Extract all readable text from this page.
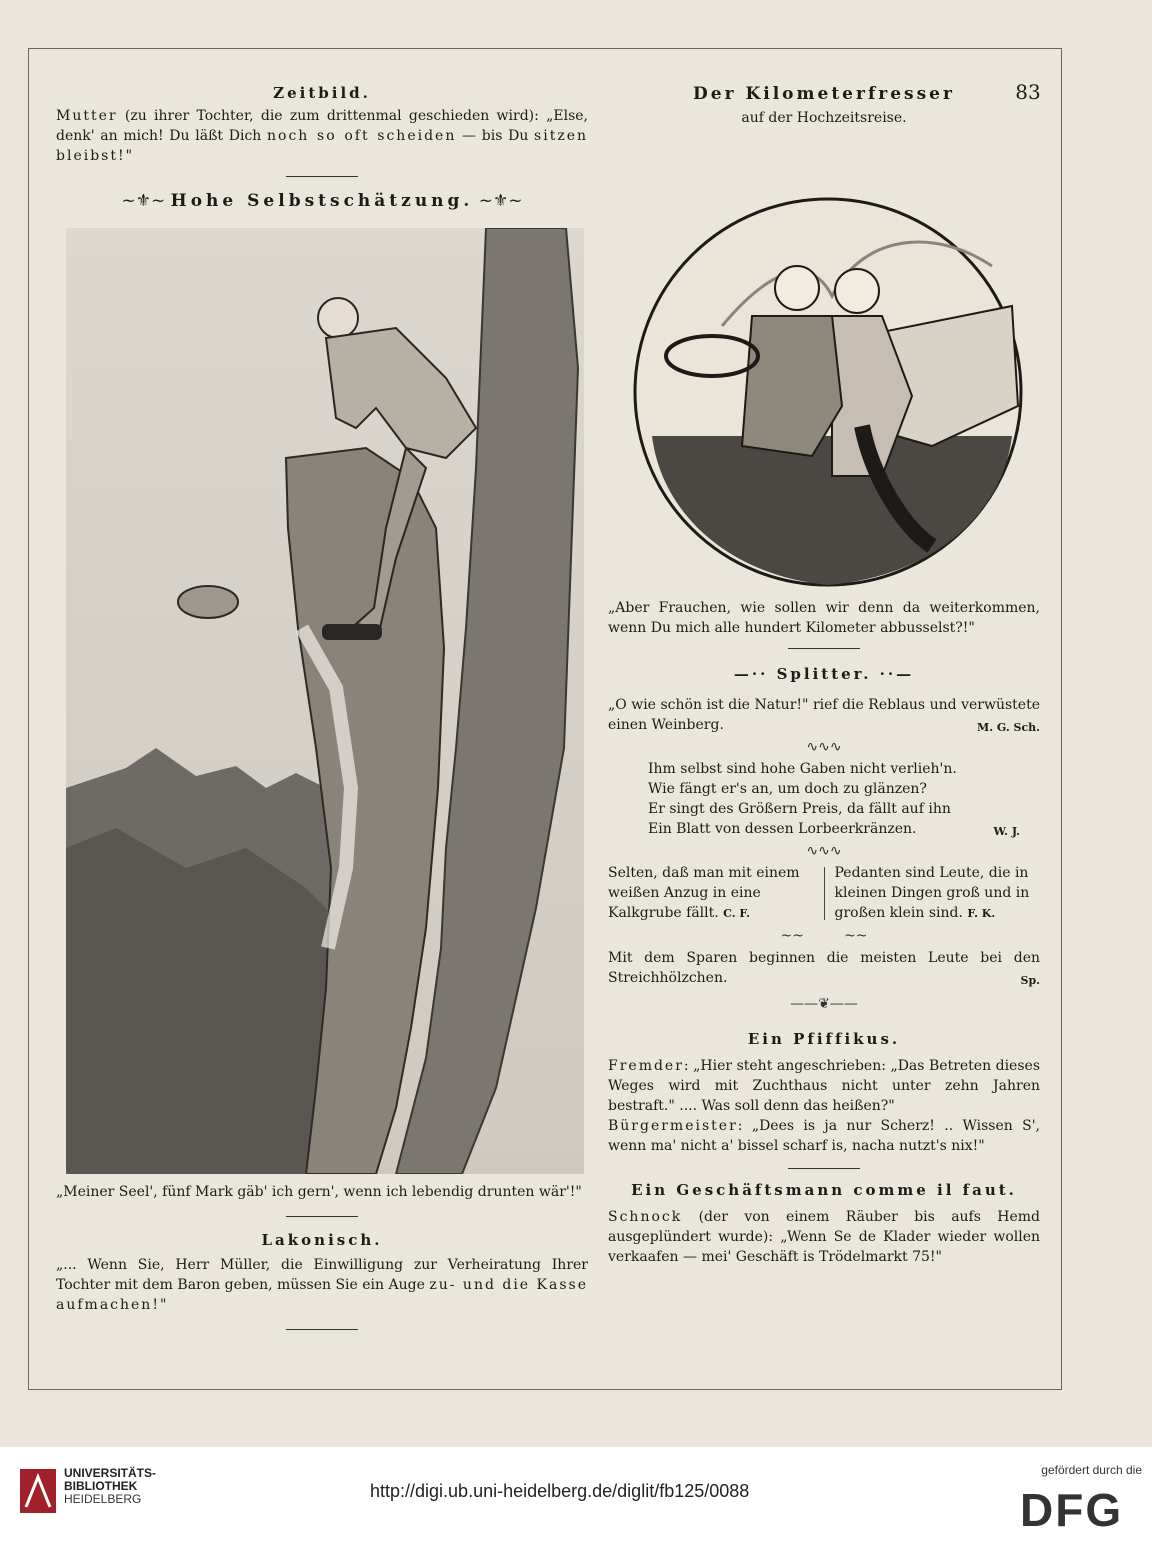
83

Zeitbild.

Mutter (zu ihrer Tochter, die zum drittenmal geschieden wird): „Else, denk' an mich! Du läßt Dich noch so oft scheiden — bis Du sitzen bleibst!"

~⚜~ Hohe Selbstschätzung. ~⚜~

„Meiner Seel', fünf Mark gäb' ich gern', wenn ich lebendig drunten wär'!"

Lakonisch.

„... Wenn Sie, Herr Müller, die Einwilligung zur Verheiratung Ihrer Tochter mit dem Baron geben, müssen Sie ein Auge zu- und die Kasse aufmachen!"

Der Kilometerfresser

auf der Hochzeitsreise.

„Aber Frauchen, wie sollen wir denn da weiterkommen, wenn Du mich alle hundert Kilometer abbusselst?!"

—·· Splitter. ··—

„O wie schön ist die Natur!" rief die Reblaus und verwüstete einen Weinberg.	M. G. Sch.

∿∿∿

Ihm selbst sind hohe Gaben nicht verlieh'n.

Wie fängt er's an, um doch zu glänzen?

Er singt des Größern Preis, da fällt auf ihn

Ein Blatt von dessen Lorbeerkränzen.	W. J.

∿∿∿
Selten, daß man mit einem weißen Anzug in eine Kalkgrube fällt. C. F.
Pedanten sind Leute, die in kleinen Dingen groß und in großen klein sind. F. K.
~~         ~~

Mit dem Sparen beginnen die meisten Leute bei den Streichhölzchen.	Sp.

——❦——

Ein Pfiffikus.

Fremder: „Hier steht angeschrieben: „Das Betreten dieses Weges wird mit Zuchthaus nicht unter zehn Jahren bestraft." .... Was soll denn das heißen?"

Bürgermeister: „Dees is ja nur Scherz! .. Wissen S', wenn ma' nicht a' bissel scharf is, nacha nutzt's nix!"

Ein Geschäftsmann comme il faut.

Schnock (der von einem Räuber bis aufs Hemd ausgeplündert wurde): „Wenn Se de Klader wieder wollen verkaafen — mei' Geschäft is Trödelmarkt 75!"

UNIVERSITÄTS-
BIBLIOTHEK
HEIDELBERG	http://digi.ub.uni-heidelberg.de/diglit/fb125/0088
gefördert durch die
DFG
